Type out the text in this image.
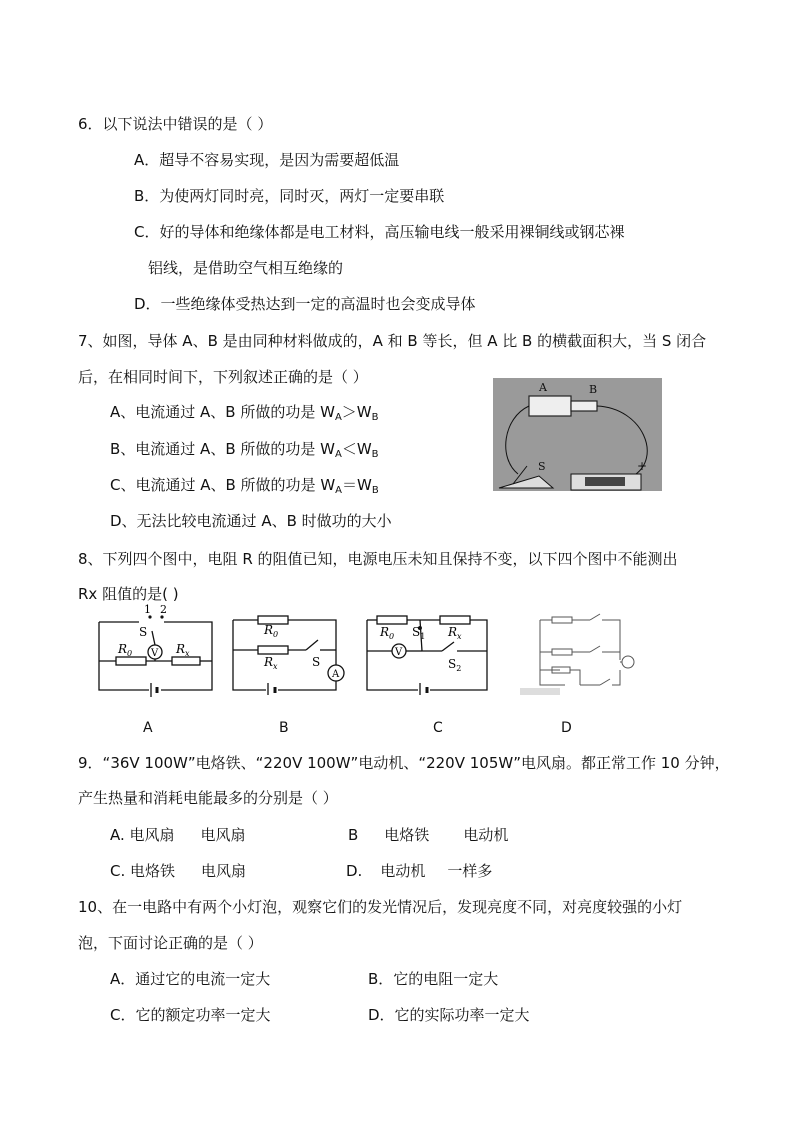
6．以下说法中错误的是（ ）
A．超导不容易实现，是因为需要超低温
B．为使两灯同时亮，同时灭，两灯一定要串联
C．好的导体和绝缘体都是电工材料，高压输电线一般采用裸铜线或钢芯裸
铝线，是借助空气相互绝缘的
D．一些绝缘体受热达到一定的高温时也会变成导体
7、如图，导体 A、B 是由同种材料做成的，A 和 B 等长，但 A 比 B 的横截面积大，当 S 闭合
后，在相同时间下，下列叙述正确的是（ ）
A、电流通过 A、B 所做的功是 $W_A>W_B$
B、电流通过 A、B 所做的功是 $W_A<W_B$
C、电流通过 A、B 所做的功是 $W_A=W_B$
D、无法比较电流通过 A、B 时做功的大小
A	B
S	+
8、下列四个图中，电阻 R 的阻值已知，电源电压未知且保持不变，以下四个图中不能测出
Rx 阻值的是( )
1 2
S
V
$R_0$	$R_x$
$R_0$
$R_x$	S
A
$R_0$	$R_x$
V
$S_1$
$S_2$
A	B	C	D
9．“36V 100W”电烙铁、“220V 100W”电动机、“220V 105W”电风扇。都正常工作 10 分钟，
产生热量和消耗电能最多的分别是（ ）
A. 电风扇 电风扇	B 电烙铁 电动机
C. 电烙铁 电风扇	D. 电动机 一样多
10、在一电路中有两个小灯泡，观察它们的发光情况后，发现亮度不同，对亮度较强的小灯
泡，下面讨论正确的是（ ）
A．通过它的电流一定大	B．它的电阻一定大
C．它的额定功率一定大	D．它的实际功率一定大
